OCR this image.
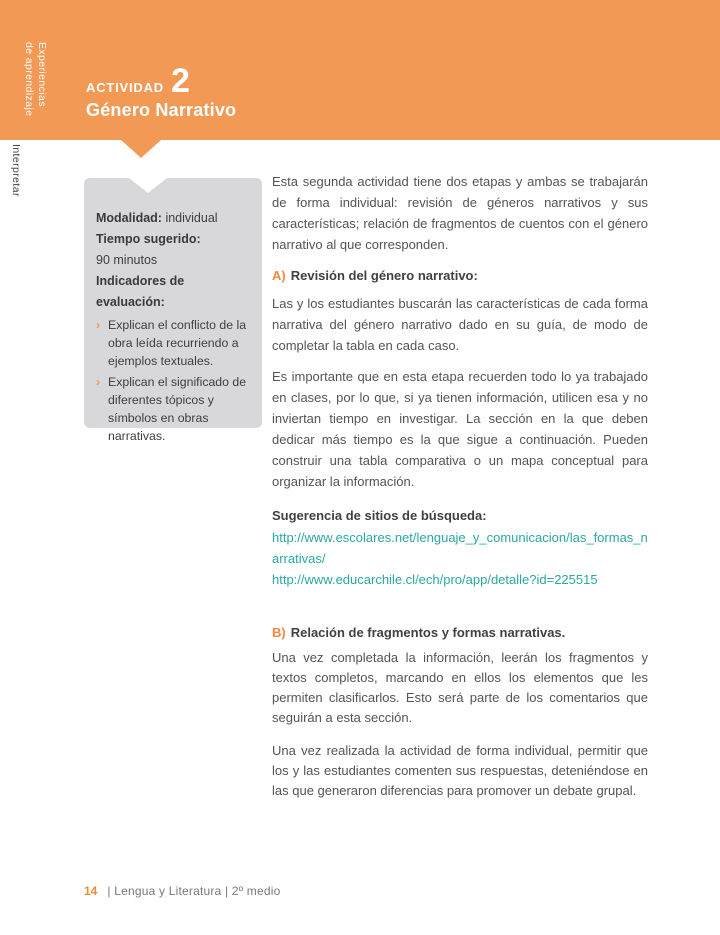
Experiencias
de aprendizaje	ACTIVIDAD 2
Género Narrativo
Interpretar
Modalidad: individual
Tiempo sugerido:
90 minutos
Indicadores de evaluación:
› Explican el conflicto de la obra leída recurriendo a ejemplos textuales.
› Explican el significado de diferentes tópicos y símbolos en obras narrativas.
Esta segunda actividad tiene dos etapas y ambas se trabajarán de forma individual: revisión de géneros narrativos y sus características; relación de fragmentos de cuentos con el género narrativo al que corresponden.
A) Revisión del género narrativo:
Las y los estudiantes buscarán las características de cada forma narrativa del género narrativo dado en su guía, de modo de completar la tabla en cada caso.
Es importante que en esta etapa recuerden todo lo ya trabajado en clases, por lo que, si ya tienen información, utilicen esa y no inviertan tiempo en investigar. La sección en la que deben dedicar más tiempo es la que sigue a continuación. Pueden construir una tabla comparativa o un mapa conceptual para organizar la información.
Sugerencia de sitios de búsqueda:
http://www.escolares.net/lenguaje_y_comunicacion/las_formas_narrativas/
http://www.educarchile.cl/ech/pro/app/detalle?id=225515
B) Relación de fragmentos y formas narrativas.
Una vez completada la información, leerán los fragmentos y textos completos, marcando en ellos los elementos que les permiten clasificarlos. Esto será parte de los comentarios que seguirán a esta sección.
Una vez realizada la actividad de forma individual, permitir que los y las estudiantes comenten sus respuestas, deteniéndose en las que generaron diferencias para promover un debate grupal.
14 | Lengua y Literatura | 2º medio
